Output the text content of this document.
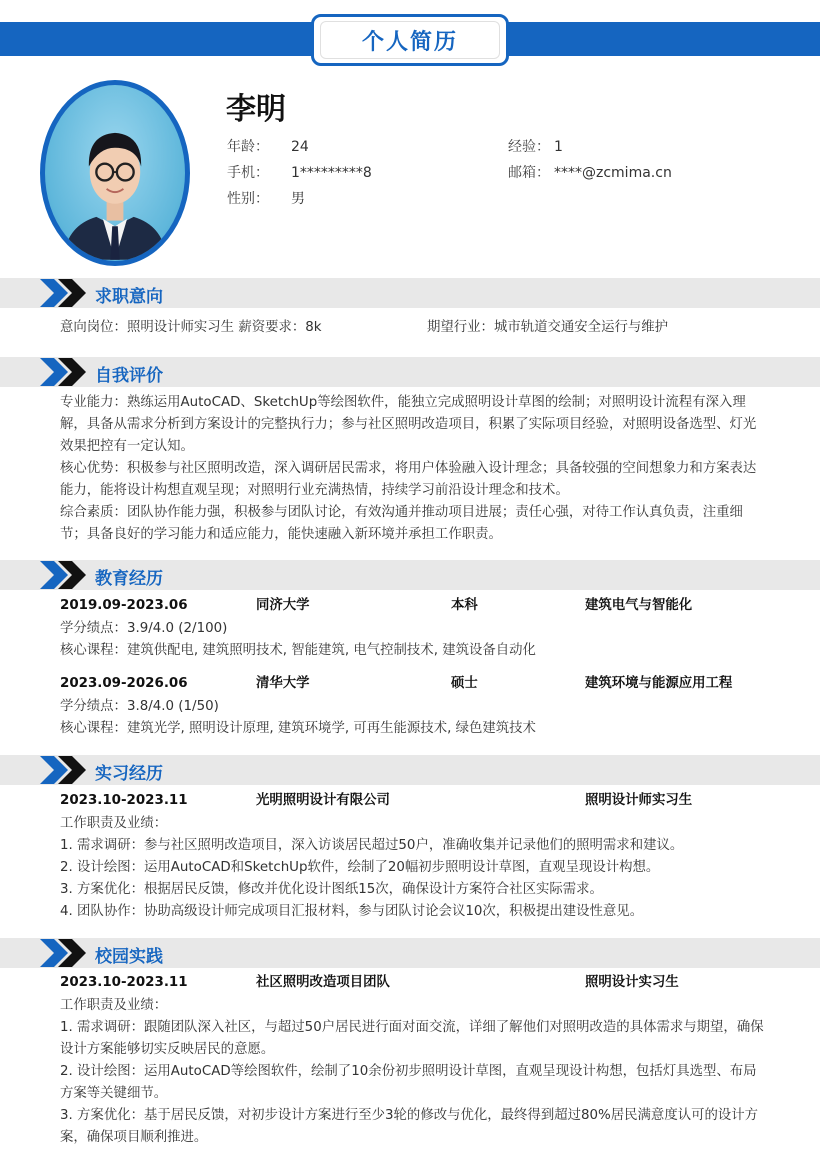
个人简历
李明
年龄： 24	经验： 1
手机： 1*********8	邮箱： ****@zcmima.cn
性别： 男
求职意向
意向岗位：照明设计师实习生 薪资要求：8k	期望行业：城市轨道交通安全运行与维护
自我评价
专业能力：熟练运用AutoCAD、SketchUp等绘图软件，能独立完成照明设计草图的绘制；对照明设计流程有深入理解，具备从需求分析到方案设计的完整执行力；参与社区照明改造项目，积累了实际项目经验，对照明设备选型、灯光效果把控有一定认知。
核心优势：积极参与社区照明改造，深入调研居民需求，将用户体验融入设计理念；具备较强的空间想象力和方案表达能力，能将设计构想直观呈现；对照明行业充满热情，持续学习前沿设计理念和技术。
综合素质：团队协作能力强，积极参与团队讨论，有效沟通并推动项目进展；责任心强，对待工作认真负责，注重细节；具备良好的学习能力和适应能力，能快速融入新环境并承担工作职责。
教育经历
2019.09-2023.06	同济大学	本科	建筑电气与智能化
学分绩点：3.9/4.0 (2/100)
核心课程：建筑供配电, 建筑照明技术, 智能建筑, 电气控制技术, 建筑设备自动化
2023.09-2026.06	清华大学	硕士	建筑环境与能源应用工程
学分绩点：3.8/4.0 (1/50)
核心课程：建筑光学, 照明设计原理, 建筑环境学, 可再生能源技术, 绿色建筑技术
实习经历
2023.10-2023.11	光明照明设计有限公司	照明设计师实习生
工作职责及业绩：
1. 需求调研：参与社区照明改造项目，深入访谈居民超过50户，准确收集并记录他们的照明需求和建议。
2. 设计绘图：运用AutoCAD和SketchUp软件，绘制了20幅初步照明设计草图，直观呈现设计构想。
3. 方案优化：根据居民反馈，修改并优化设计图纸15次，确保设计方案符合社区实际需求。
4. 团队协作：协助高级设计师完成项目汇报材料，参与团队讨论会议10次，积极提出建设性意见。
校园实践
2023.10-2023.11	社区照明改造项目团队	照明设计实习生
工作职责及业绩：
1. 需求调研：跟随团队深入社区，与超过50户居民进行面对面交流，详细了解他们对照明改造的具体需求与期望，确保设计方案能够切实反映居民的意愿。
2. 设计绘图：运用AutoCAD等绘图软件，绘制了10余份初步照明设计草图，直观呈现设计构想，包括灯具选型、布局方案等关键细节。
3. 方案优化：基于居民反馈，对初步设计方案进行至少3轮的修改与优化，最终得到超过80%居民满意度认可的设计方案，确保项目顺利推进。
